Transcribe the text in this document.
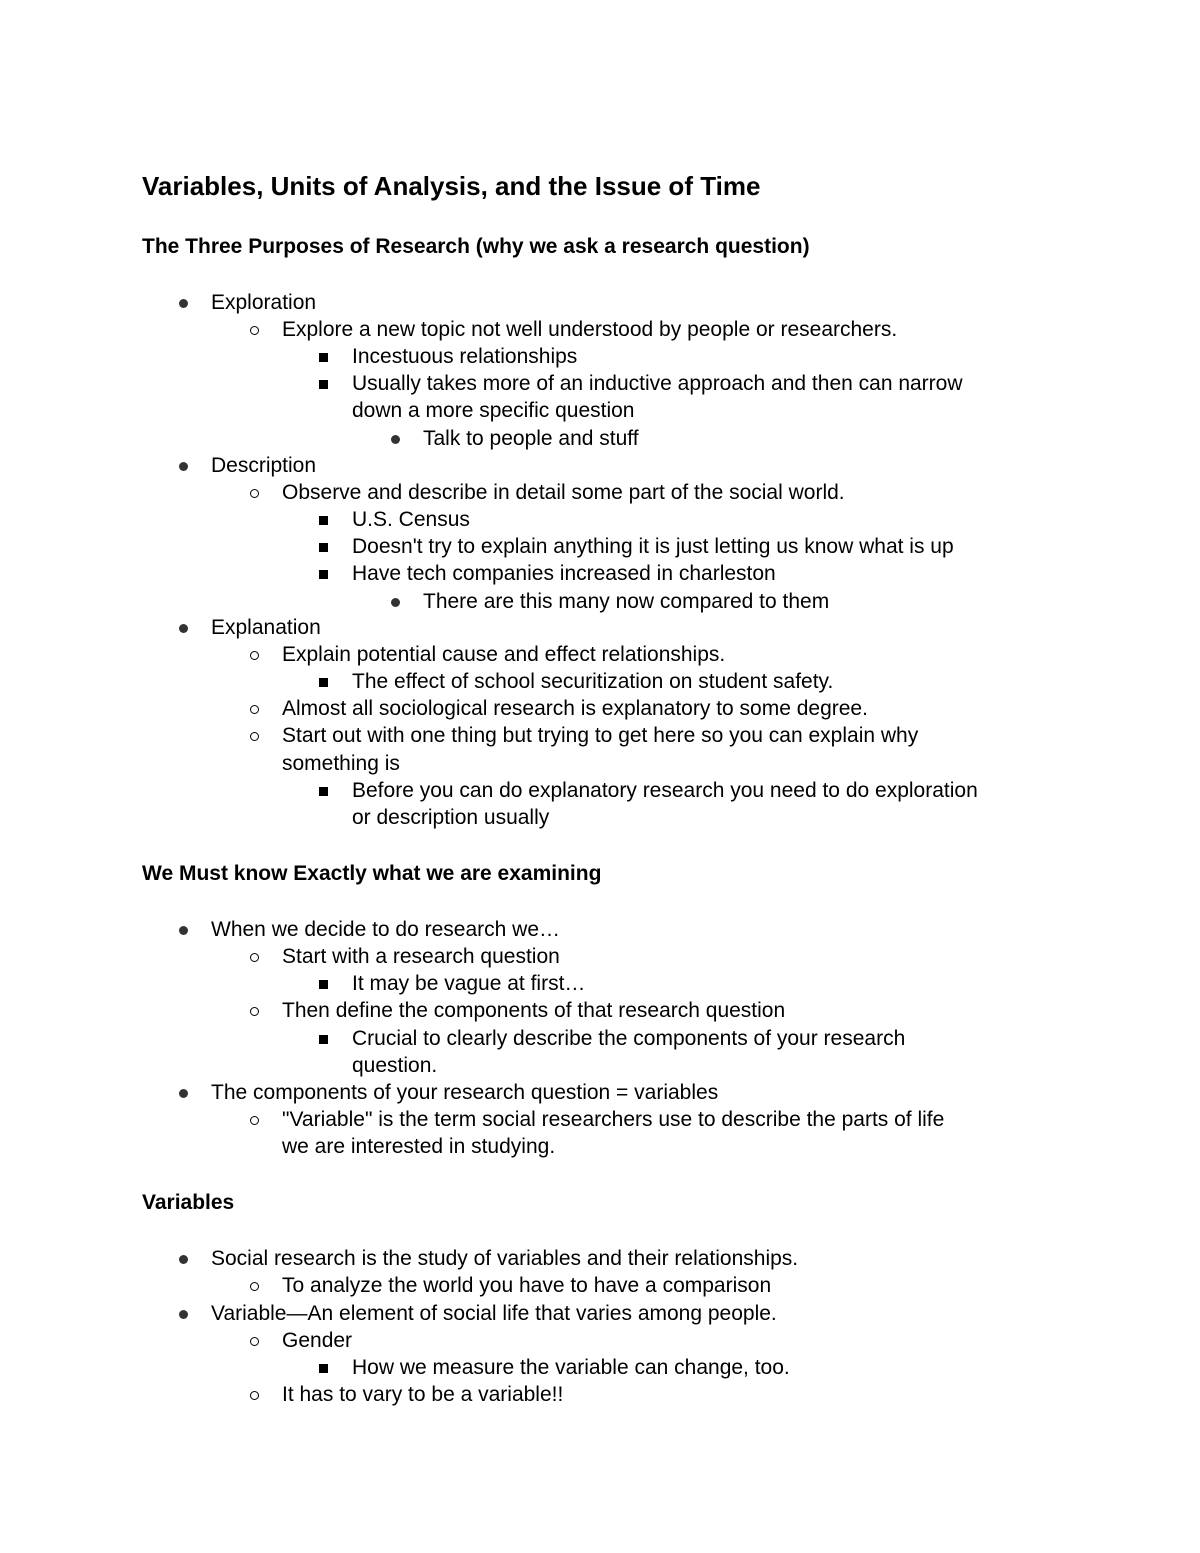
Variables, Units of Analysis, and the Issue of Time
The Three Purposes of Research (why we ask a research question)
Exploration
Explore a new topic not well understood by people or researchers.
Incestuous relationships
Usually takes more of an inductive approach and then can narrow
down a more specific question
Talk to people and stuff
Description
Observe and describe in detail some part of the social world.
U.S. Census
Doesn't try to explain anything it is just letting us know what is up
Have tech companies increased in charleston
There are this many now compared to them
Explanation
Explain potential cause and effect relationships.
The effect of school securitization on student safety.
Almost all sociological research is explanatory to some degree.
Start out with one thing but trying to get here so you can explain why
something is
Before you can do explanatory research you need to do exploration
or description usually
We Must know Exactly what we are examining
When we decide to do research we…
Start with a research question
It may be vague at first…
Then define the components of that research question
Crucial to clearly describe the components of your research
question.
The components of your research question = variables
"Variable" is the term social researchers use to describe the parts of life
we are interested in studying.
Variables
Social research is the study of variables and their relationships.
To analyze the world you have to have a comparison
Variable—An element of social life that varies among people.
Gender
How we measure the variable can change, too.
It has to vary to be a variable!!
